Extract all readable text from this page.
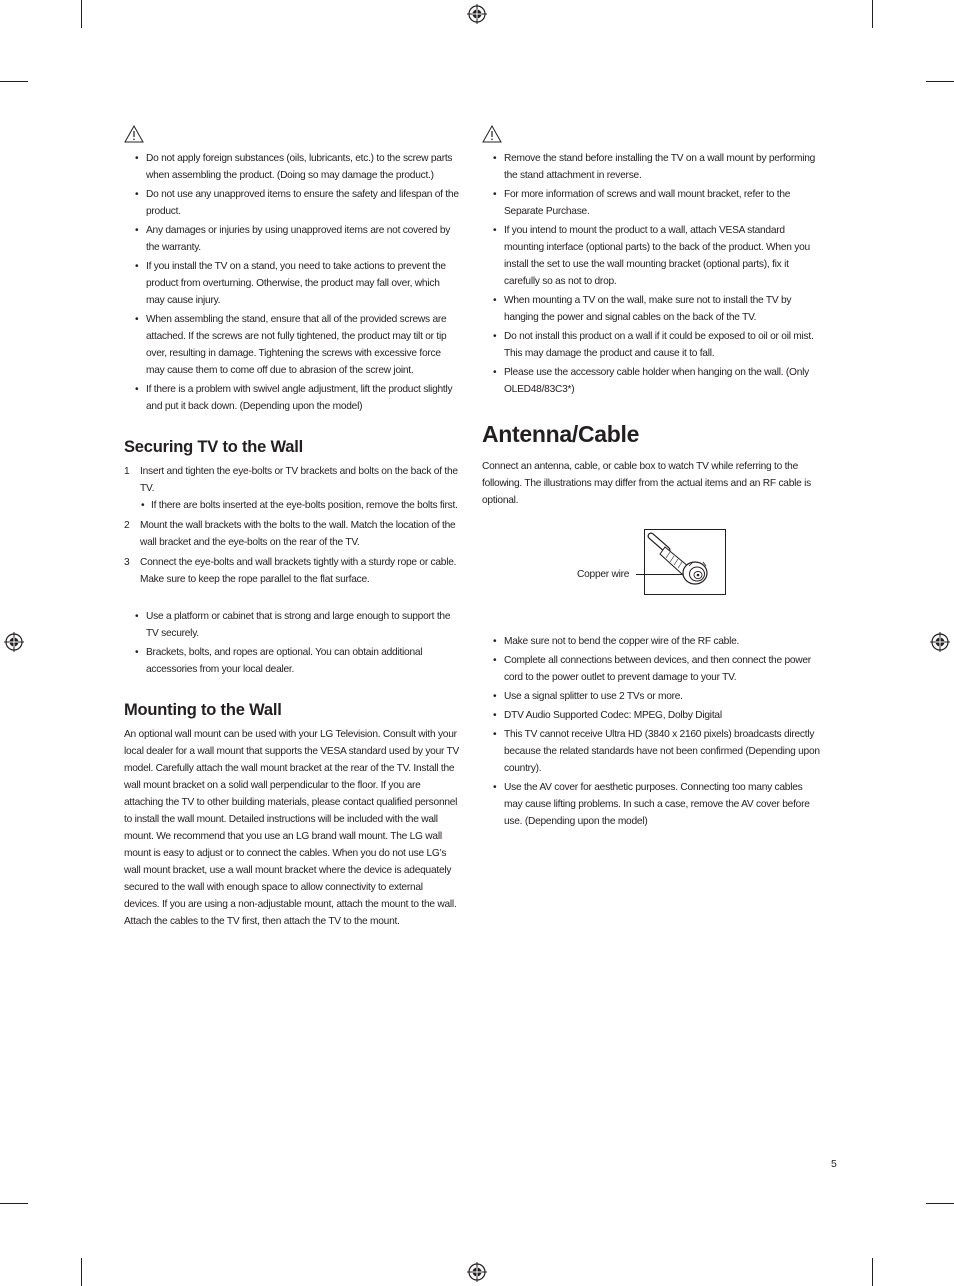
• Do not apply foreign substances (oils, lubricants, etc.) to the screw parts when assembling the product. (Doing so may damage the product.)
• Do not use any unapproved items to ensure the safety and lifespan of the product.
• Any damages or injuries by using unapproved items are not covered by the warranty.
• If you install the TV on a stand, you need to take actions to prevent the product from overturning. Otherwise, the product may fall over, which may cause injury.
• When assembling the stand, ensure that all of the provided screws are attached. If the screws are not fully tightened, the product may tilt or tip over, resulting in damage. Tightening the screws with excessive force may cause them to come off due to abrasion of the screw joint.
• If there is a problem with swivel angle adjustment, lift the product slightly and put it back down. (Depending upon the model)
Securing TV to the Wall
1 Insert and tighten the eye-bolts or TV brackets and bolts on the back of the TV.
• If there are bolts inserted at the eye-bolts position, remove the bolts first.
2 Mount the wall brackets with the bolts to the wall. Match the location of the wall bracket and the eye-bolts on the rear of the TV.
3 Connect the eye-bolts and wall brackets tightly with a sturdy rope or cable. Make sure to keep the rope parallel to the flat surface.
• Use a platform or cabinet that is strong and large enough to support the TV securely.
• Brackets, bolts, and ropes are optional. You can obtain additional accessories from your local dealer.
Mounting to the Wall

An optional wall mount can be used with your LG Television. Consult with your local dealer for a wall mount that supports the VESA standard used by your TV model. Carefully attach the wall mount bracket at the rear of the TV. Install the wall mount bracket on a solid wall perpendicular to the floor. If you are attaching the TV to other building materials, please contact qualified personnel to install the wall mount. Detailed instructions will be included with the wall mount. We recommend that you use an LG brand wall mount. The LG wall mount is easy to adjust or to connect the cables. When you do not use LG’s wall mount bracket, use a wall mount bracket where the device is adequately secured to the wall with enough space to allow connectivity to external devices. If you are using a non-adjustable mount, attach the mount to the wall. Attach the cables to the TV first, then attach the TV to the mount.

• Remove the stand before installing the TV on a wall mount by performing the stand attachment in reverse.
• For more information of screws and wall mount bracket, refer to the Separate Purchase.
• If you intend to mount the product to a wall, attach VESA standard mounting interface (optional parts) to the back of the product. When you install the set to use the wall mounting bracket (optional parts), fix it carefully so as not to drop.
• When mounting a TV on the wall, make sure not to install the TV by hanging the power and signal cables on the back of the TV.
• Do not install this product on a wall if it could be exposed to oil or oil mist. This may damage the product and cause it to fall.
• Please use the accessory cable holder when hanging on the wall. (Only OLED48/83C3*)
Antenna/Cable

Connect an antenna, cable, or cable box to watch TV while referring to the following. The illustrations may differ from the actual items and an RF cable is optional.

Copper wire
• Make sure not to bend the copper wire of the RF cable.
• Complete all connections between devices, and then connect the power cord to the power outlet to prevent damage to your TV.
• Use a signal splitter to use 2 TVs or more.
• DTV Audio Supported Codec: MPEG, Dolby Digital
• This TV cannot receive Ultra HD (3840 x 2160 pixels) broadcasts directly because the related standards have not been confirmed (Depending upon country).
• Use the AV cover for aesthetic purposes. Connecting too many cables may cause lifting problems. In such a case, remove the AV cover before use. (Depending upon the model)
5
